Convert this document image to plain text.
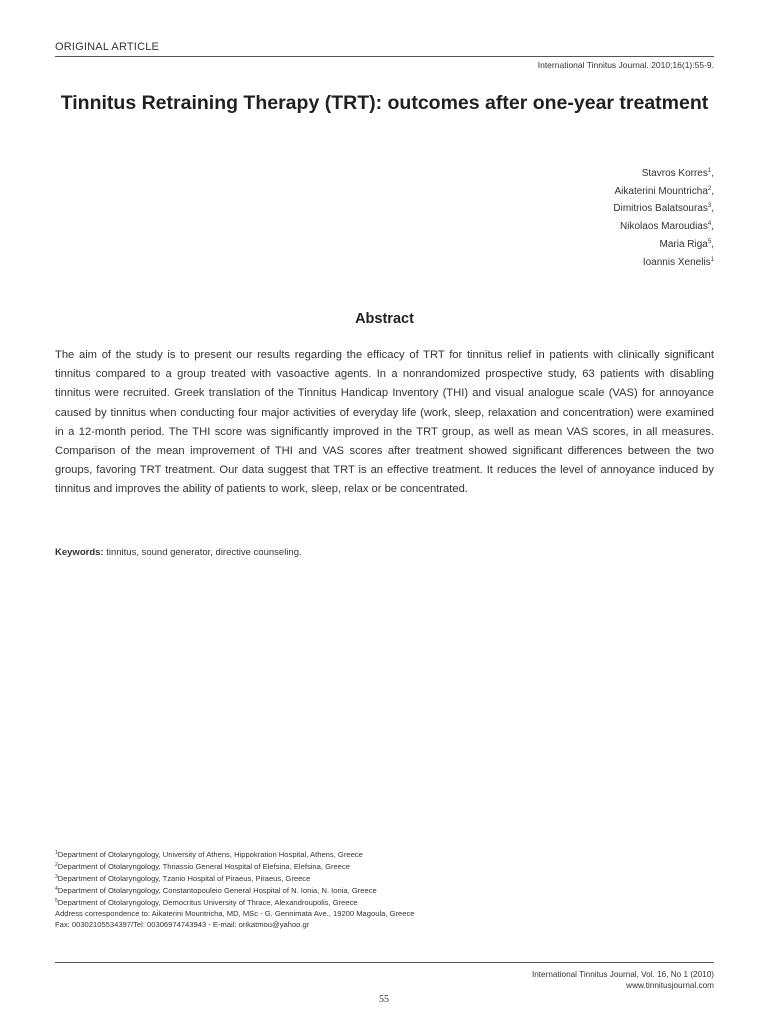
ORIGINAL ARTICLE
International Tinnitus Journal. 2010;16(1):55-9.
Tinnitus Retraining Therapy (TRT): outcomes after one-year treatment
Stavros Korres$^1$,
Aikaterini Mountricha$^2$,
Dimitrios Balatsouras$^3$,
Nikolaos Maroudias$^4$,
Maria Riga$^5$,
Ioannis Xenelis$^1$
Abstract
The aim of the study is to present our results regarding the efficacy of TRT for tinnitus relief in patients with clinically significant tinnitus compared to a group treated with vasoactive agents. In a nonrandomized prospective study, 63 patients with disabling tinnitus were recruited. Greek translation of the Tinnitus Handicap Inventory (THI) and visual analogue scale (VAS) for annoyance caused by tinnitus when conducting four major activities of everyday life (work, sleep, relaxation and concentration) were examined in a 12-month period. The THI score was significantly improved in the TRT group, as well as mean VAS scores, in all measures. Comparison of the mean improvement of THI and VAS scores after treatment showed significant differences between the two groups, favoring TRT treatment. Our data suggest that TRT is an effective treatment. It reduces the level of annoyance induced by tinnitus and improves the ability of patients to work, sleep, relax or be concentrated.
Keywords: tinnitus, sound generator, directive counseling.
$^1$Department of Otolaryngology, University of Athens, Hippokration Hospital, Athens, Greece
$^2$Department of Otolaryngology, Thriassio General Hospital of Elefsina, Elefsina, Greece
$^3$Department of Otolaryngology, Tzanio Hospital of Piraeus, Piraeus, Greece
$^4$Department of Otolaryngology, Constantopouleio General Hospital of N. Ionia, N. Ionia, Greece
$^5$Department of Otolaryngology, Democritus University of Thrace, Alexandroupolis, Greece
Address correspondence to: Aikaterini Mountricha, MD, MSc - G. Gennimata Ave., 19200 Magoula, Greece
Fax: 00302105534397/Tel: 00306974743943 - E-mail: orikatmou@yahoo.gr
International Tinnitus Journal, Vol. 16, No 1 (2010)
www.tinnitusjournal.com
55
